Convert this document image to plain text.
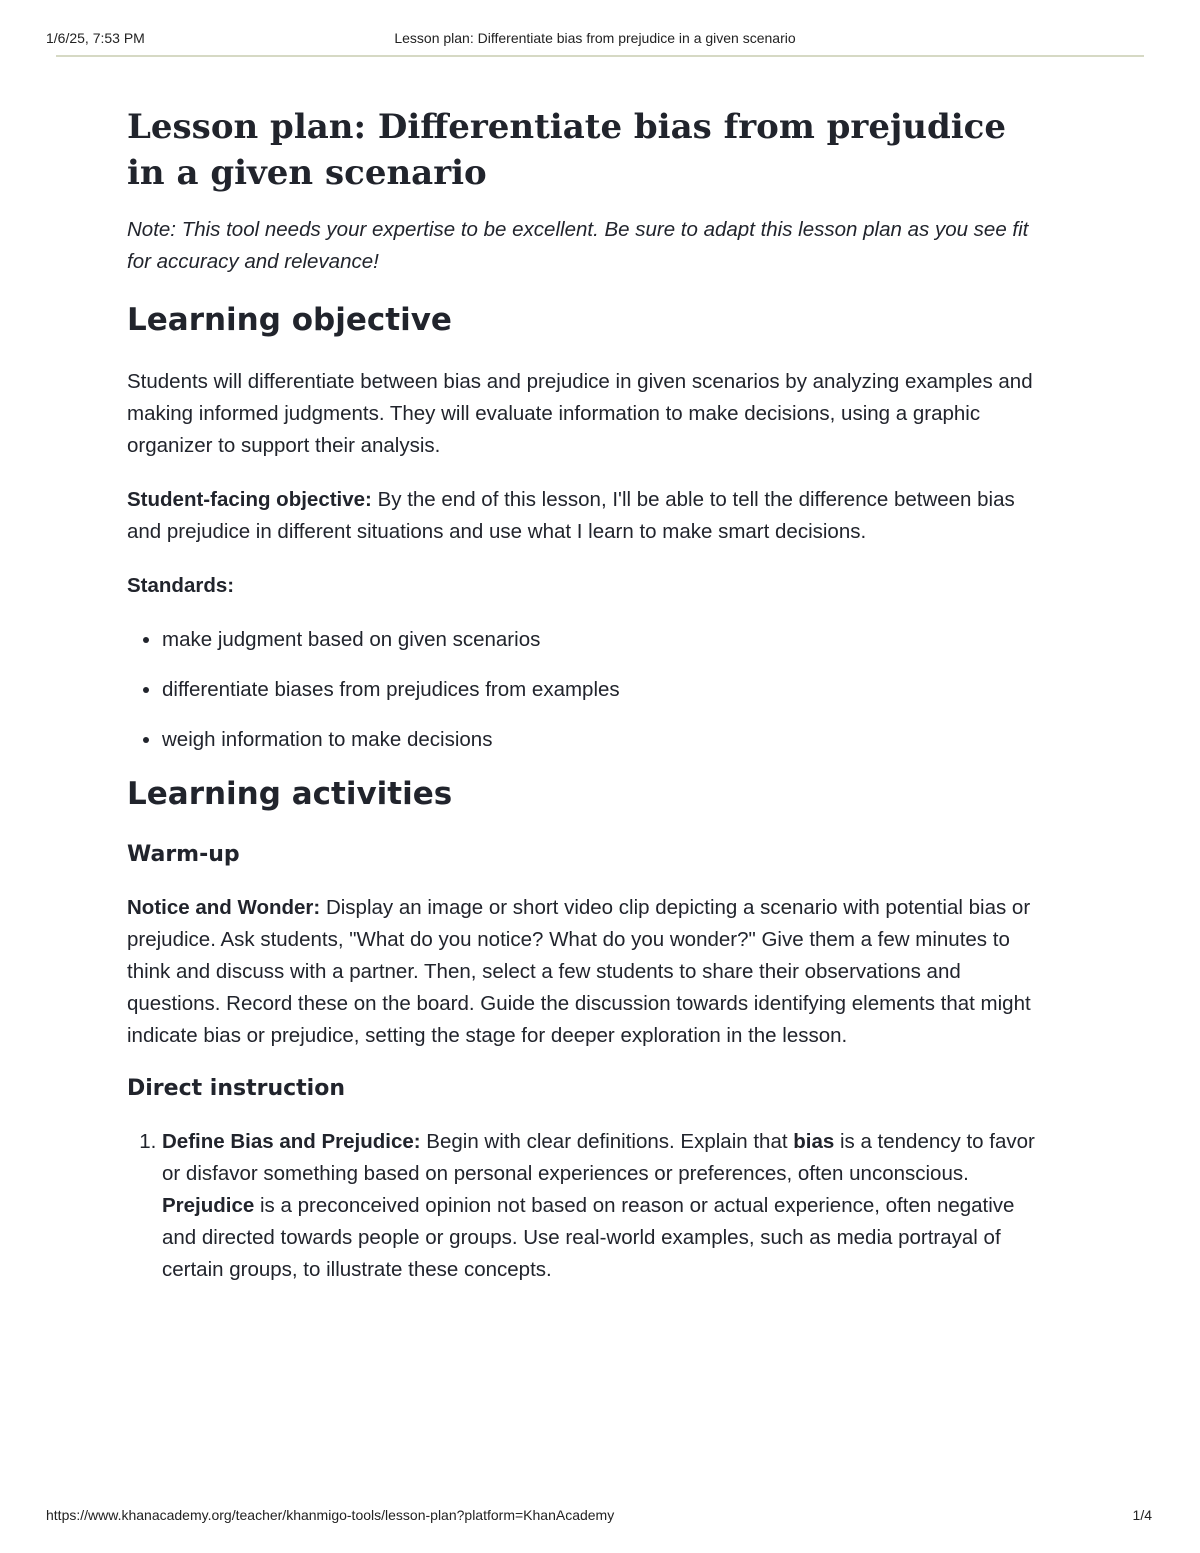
1/6/25, 7:53 PM	Lesson plan: Differentiate bias from prejudice in a given scenario
Lesson plan: Differentiate bias from prejudice in a given scenario

Note: This tool needs your expertise to be excellent. Be sure to adapt this lesson plan as you see fit for accuracy and relevance!

Learning objective

Students will differentiate between bias and prejudice in given scenarios by analyzing examples and making informed judgments. They will evaluate information to make decisions, using a graphic organizer to support their analysis.

Student-facing objective: By the end of this lesson, I'll be able to tell the difference between bias and prejudice in different situations and use what I learn to make smart decisions.

Standards:

• make judgment based on given scenarios
• differentiate biases from prejudices from examples
• weigh information to make decisions
Learning activities
Warm-up

Notice and Wonder: Display an image or short video clip depicting a scenario with potential bias or prejudice. Ask students, "What do you notice? What do you wonder?" Give them a few minutes to think and discuss with a partner. Then, select a few students to share their observations and questions. Record these on the board. Guide the discussion towards identifying elements that might indicate bias or prejudice, setting the stage for deeper exploration in the lesson.

Direct instruction
1. Define Bias and Prejudice: Begin with clear definitions. Explain that bias is a tendency to favor or disfavor something based on personal experiences or preferences, often unconscious. Prejudice is a preconceived opinion not based on reason or actual experience, often negative and directed towards people or groups. Use real-world examples, such as media portrayal of certain groups, to illustrate these concepts.
https://www.khanacademy.org/teacher/khanmigo-tools/lesson-plan?platform=KhanAcademy	1/4
